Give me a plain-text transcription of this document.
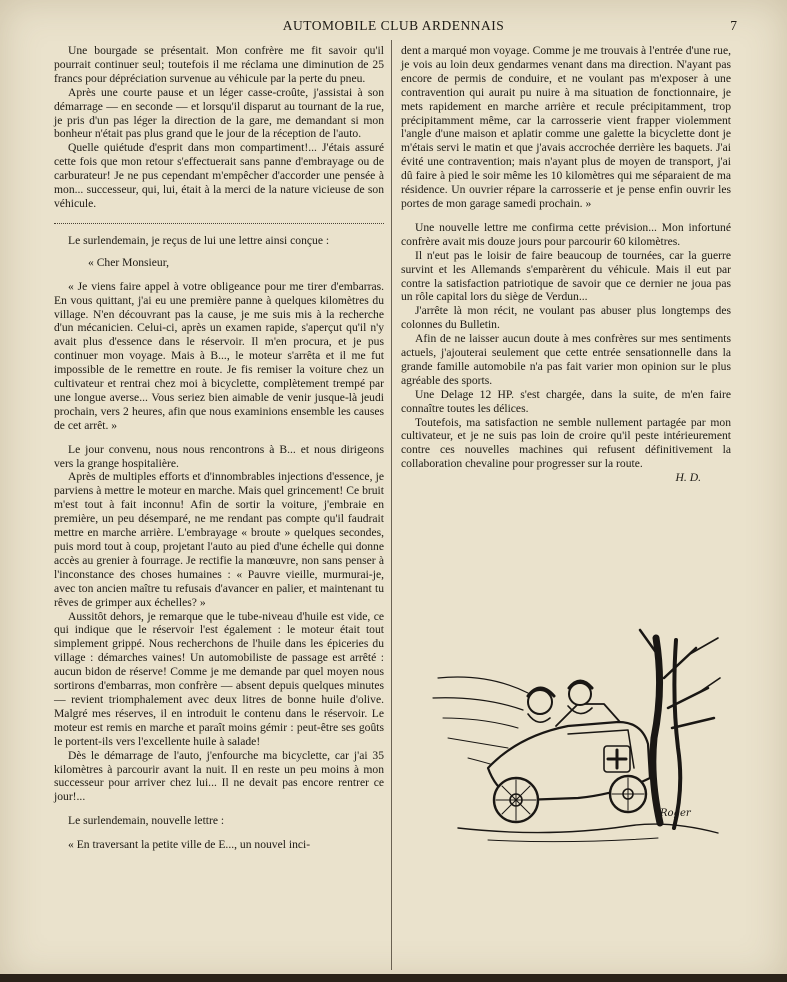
AUTOMOBILE CLUB ARDENNAIS	7

Une bourgade se présentait. Mon confrère me fit savoir qu'il pourrait continuer seul; toutefois il me réclama une diminution de 25 francs pour dépréciation survenue au véhicule par la perte du pneu.

Après une courte pause et un léger casse-croûte, j'assistai à son démarrage — en seconde — et lorsqu'il disparut au tournant de la rue, je pris d'un pas léger la direction de la gare, me demandant si mon bonheur n'était pas plus grand que le jour de la réception de l'auto.

Quelle quiétude d'esprit dans mon compartiment!... J'étais assuré cette fois que mon retour s'effectuerait sans panne d'embrayage ou de carburateur! Je ne pus cependant m'empêcher d'accorder une pensée à mon... successeur, qui, lui, était à la merci de la nature vicieuse de son véhicule.

Le surlendemain, je reçus de lui une lettre ainsi conçue :

« Cher Monsieur,

« Je viens faire appel à votre obligeance pour me tirer d'embarras. En vous quittant, j'ai eu une première panne à quelques kilomètres du village. N'en découvrant pas la cause, je me suis mis à la recherche d'un mécanicien. Celui-ci, après un examen rapide, s'aperçut qu'il n'y avait plus d'essence dans le réservoir. Il m'en procura, et je pus continuer mon voyage. Mais à B..., le moteur s'arrêta et il me fut impossible de le remettre en route. Je fis remiser la voiture chez un cultivateur et rentrai chez moi à bicyclette, complètement trempé par une longue averse... Vous seriez bien aimable de venir jusque-là jeudi prochain, vers 2 heures, afin que nous examinions ensemble les causes de cet arrêt. »

Le jour convenu, nous nous rencontrons à B... et nous dirigeons vers la grange hospitalière.

Après de multiples efforts et d'innombrables injections d'essence, je parviens à mettre le moteur en marche. Mais quel grincement! Ce bruit m'est tout à fait inconnu! Afin de sortir la voiture, j'embraie en première, un peu désemparé, ne me rendant pas compte qu'il faudrait mettre en marche arrière. L'embrayage « broute » quelques secondes, puis mord tout à coup, projetant l'auto au pied d'une échelle qui donne accès au grenier à fourrage. Je rectifie la manœuvre, non sans penser à l'inconstance des choses humaines : « Pauvre vieille, murmurai-je, avec ton ancien maître tu refusais d'avancer en palier, et maintenant tu rêves de grimper aux échelles? »

Aussitôt dehors, je remarque que le tube-niveau d'huile est vide, ce qui indique que le réservoir l'est également : le moteur était tout simplement grippé. Nous recherchons de l'huile dans les épiceries du village : démarches vaines! Un automobiliste de passage est arrêté : aucun bidon de réserve! Comme je me demande par quel moyen nous sortirons d'embarras, mon confrère — absent depuis quelques minutes — revient triomphalement avec deux litres de bonne huile d'olive. Malgré mes réserves, il en introduit le contenu dans le réservoir. Le moteur est remis en marche et paraît moins gémir : peut-être ses goûts le portent-ils vers l'excellente huile à salade!

Dès le démarrage de l'auto, j'enfourche ma bicyclette, car j'ai 35 kilomètres à parcourir avant la nuit. Il en reste un peu moins à mon successeur pour arriver chez lui... Il ne devait pas encore rentrer ce jour!...

Le surlendemain, nouvelle lettre :

« En traversant la petite ville de E..., un nouvel inci-

dent a marqué mon voyage. Comme je me trouvais à l'entrée d'une rue, je vois au loin deux gendarmes venant dans ma direction. N'ayant pas encore de permis de conduire, et ne voulant pas m'exposer à une contravention qui aurait pu nuire à ma situation de fonctionnaire, je mets rapidement en marche arrière et recule précipitamment, trop précipitamment même, car la carrosserie vient frapper violemment l'angle d'une maison et aplatir comme une galette la bicyclette dont je m'étais servi le matin et que j'avais accrochée derrière les baquets. J'ai évité une contravention; mais n'ayant plus de moyen de transport, j'ai dû faire à pied le soir même les 10 kilomètres qui me séparaient de ma résidence. Un ouvrier répare la carrosserie et je pense enfin ouvrir les portes de mon garage samedi prochain. »

Une nouvelle lettre me confirma cette prévision... Mon infortuné confrère avait mis douze jours pour parcourir 60 kilomètres.

Il n'eut pas le loisir de faire beaucoup de tournées, car la guerre survint et les Allemands s'emparèrent du véhicule. Mais il eut par contre la satisfaction patriotique de savoir que ce dernier ne joua pas un rôle capital lors du siège de Verdun...

J'arrête là mon récit, ne voulant pas abuser plus longtemps des colonnes du Bulletin.

Afin de ne laisser aucun doute à mes confrères sur mes sentiments actuels, j'ajouterai seulement que cette entrée sensationnelle dans la grande famille automobile n'a pas fait varier mon opinion sur le plus agréable des sports.

Une Delage 12 HP. s'est chargée, dans la suite, de m'en faire connaître toutes les délices.

Toutefois, ma satisfaction ne semble nullement partagée par mon cultivateur, et je ne suis pas loin de croire qu'il peste intérieurement contre ces nouvelles machines qui refusent définitivement la collaboration chevaline pour progresser sur la route.

H. D.

Roger
